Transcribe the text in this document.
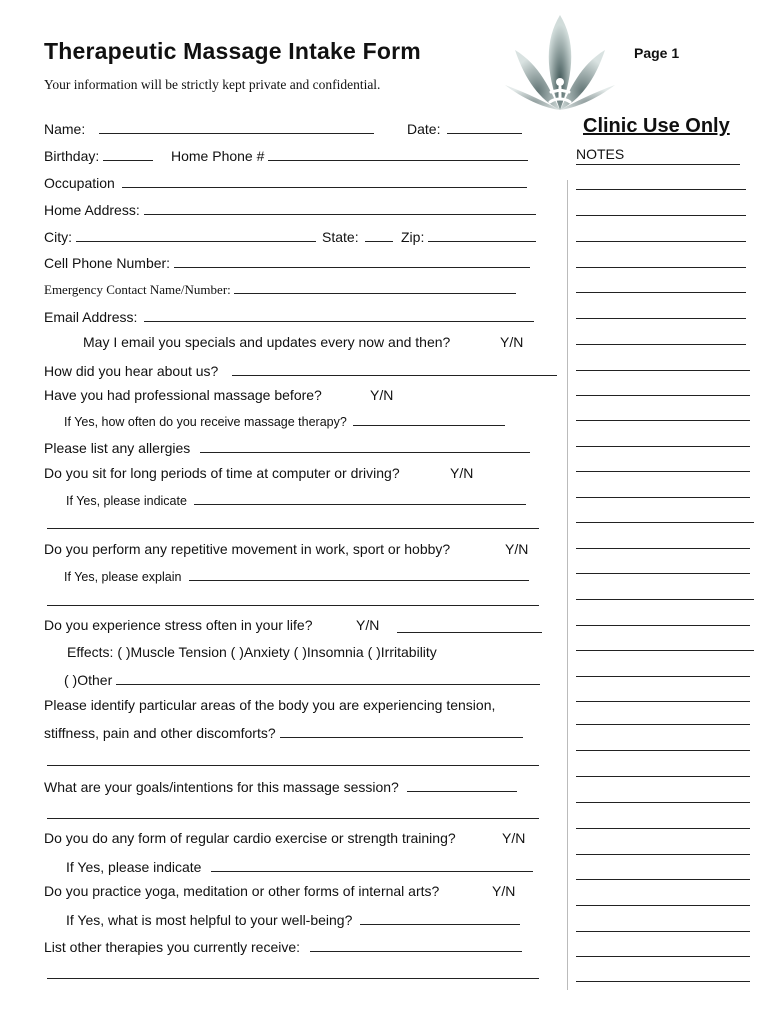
Therapeutic Massage Intake Form	Page 1
Your information will be strictly kept private and confidential.
Name:	Date:
Birthday:	Home Phone #
Occupation
Home Address:
City:	State:	Zip:
Cell Phone Number:
Emergency Contact Name/Number:
Email Address:
May I email you specials and updates every now and then?	Y/N
How did you hear about us?
Have you had professional massage before?	Y/N
If Yes, how often do you receive massage therapy?
Please list any allergies
Do you sit for long periods of time at computer or driving?	Y/N
If Yes, please indicate
Do you perform any repetitive movement in work, sport or hobby?	Y/N
If Yes, please explain
Do you experience stress often in your life?	Y/N
Effects: ( )Muscle Tension ( )Anxiety ( )Insomnia ( )Irritability
( )Other
Please identify particular areas of the body you are experiencing tension,
stiffness, pain and other discomforts?
What are your goals/intentions for this massage session?
Do you do any form of regular cardio exercise or strength training?	Y/N
If Yes, please indicate
Do you practice yoga, meditation or other forms of internal arts?	Y/N
If Yes, what is most helpful to your well-being?
List other therapies you currently receive:
Clinic Use Only
NOTES
